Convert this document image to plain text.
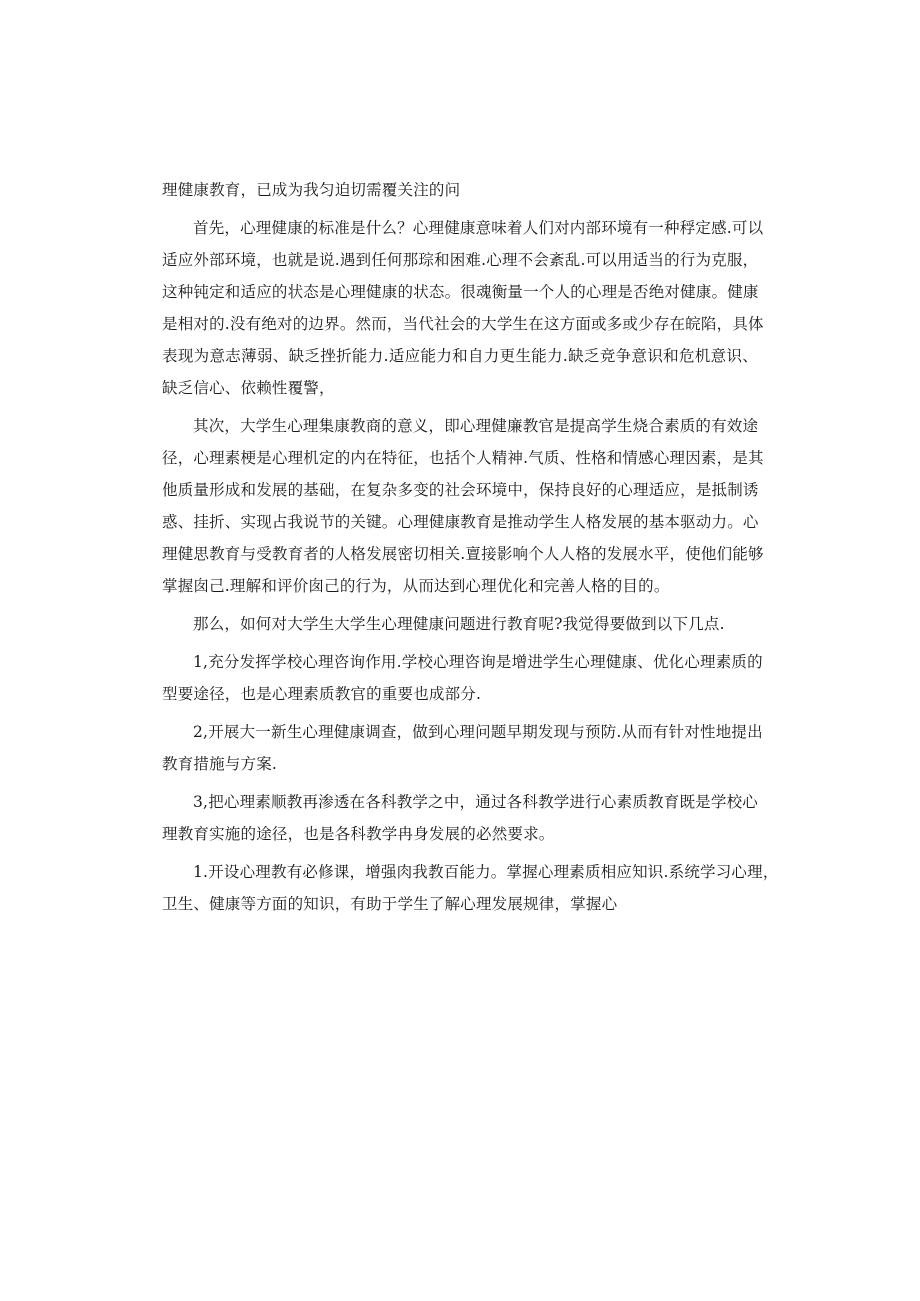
理健康教育，已成为我匀迫切需覆关注的问
首先，心理健康的标准是什么？心理健康意味着人们对内部环境有一种稃定感.可以
适应外部环境，也就是说.遇到任何那琮和困难.心理不会紊乱.可以用适当的行为克服，
这种钝定和适应的状态是心理健康的状态。很魂衡量一个人的心理是否绝对健康。健康
是相对的.没有绝对的边界。然而，当代社会的大学生在这方面或多或少存在皖陷，具体
表现为意志薄弱、缺乏挫折能力.适应能力和自力更生能力.缺乏竞争意识和危机意识、
缺乏信心、依赖性覆警，
其次，大学生心理集康教商的意义，即心理健廉教官是提高学生烧合素质的有效途
径，心理素梗是心理机定的内在特征，也括个人精神.气质、性格和情感心理因素，是其
他质量形成和发展的基础，在复杂多变的社会环境中，保持良好的心理适应，是抵制诱
惑、挂折、实现占我说节的关键。心理健康教育是推动学生人格发展的基本驱动力。心
理健思教育与受教育者的人格发展密切相关.亶接影响个人人格的发展水平，使他们能够
掌握囱己.理解和评价囱己的行为，从而达到心理优化和完善人格的目的。
那么，如何对大学生大学生心理健康问题进行教育呢?我觉得要做到以下几点.
1,充分发挥学校心理咨询作用.学校心理咨询是增进学生心理健康、优化心理素质的
型要途径，也是心理素质教官的重要也成部分.
2,开展大一新生心理健康调查，做到心理问题早期发现与预防.从而有针对性地提出
教育措施与方案.
3,把心理素顺教再渗透在各科教学之中，通过各科教学进行心素质教育既是学校心
理教育实施的途径，也是各科教学冉身发展的必然要求。
1.开设心理教有必修课，增强肉我教百能力。掌握心理素质相应知识.系统学习心理，
卫生、健康等方面的知识，有助于学生了解心理发展规律，掌握心
